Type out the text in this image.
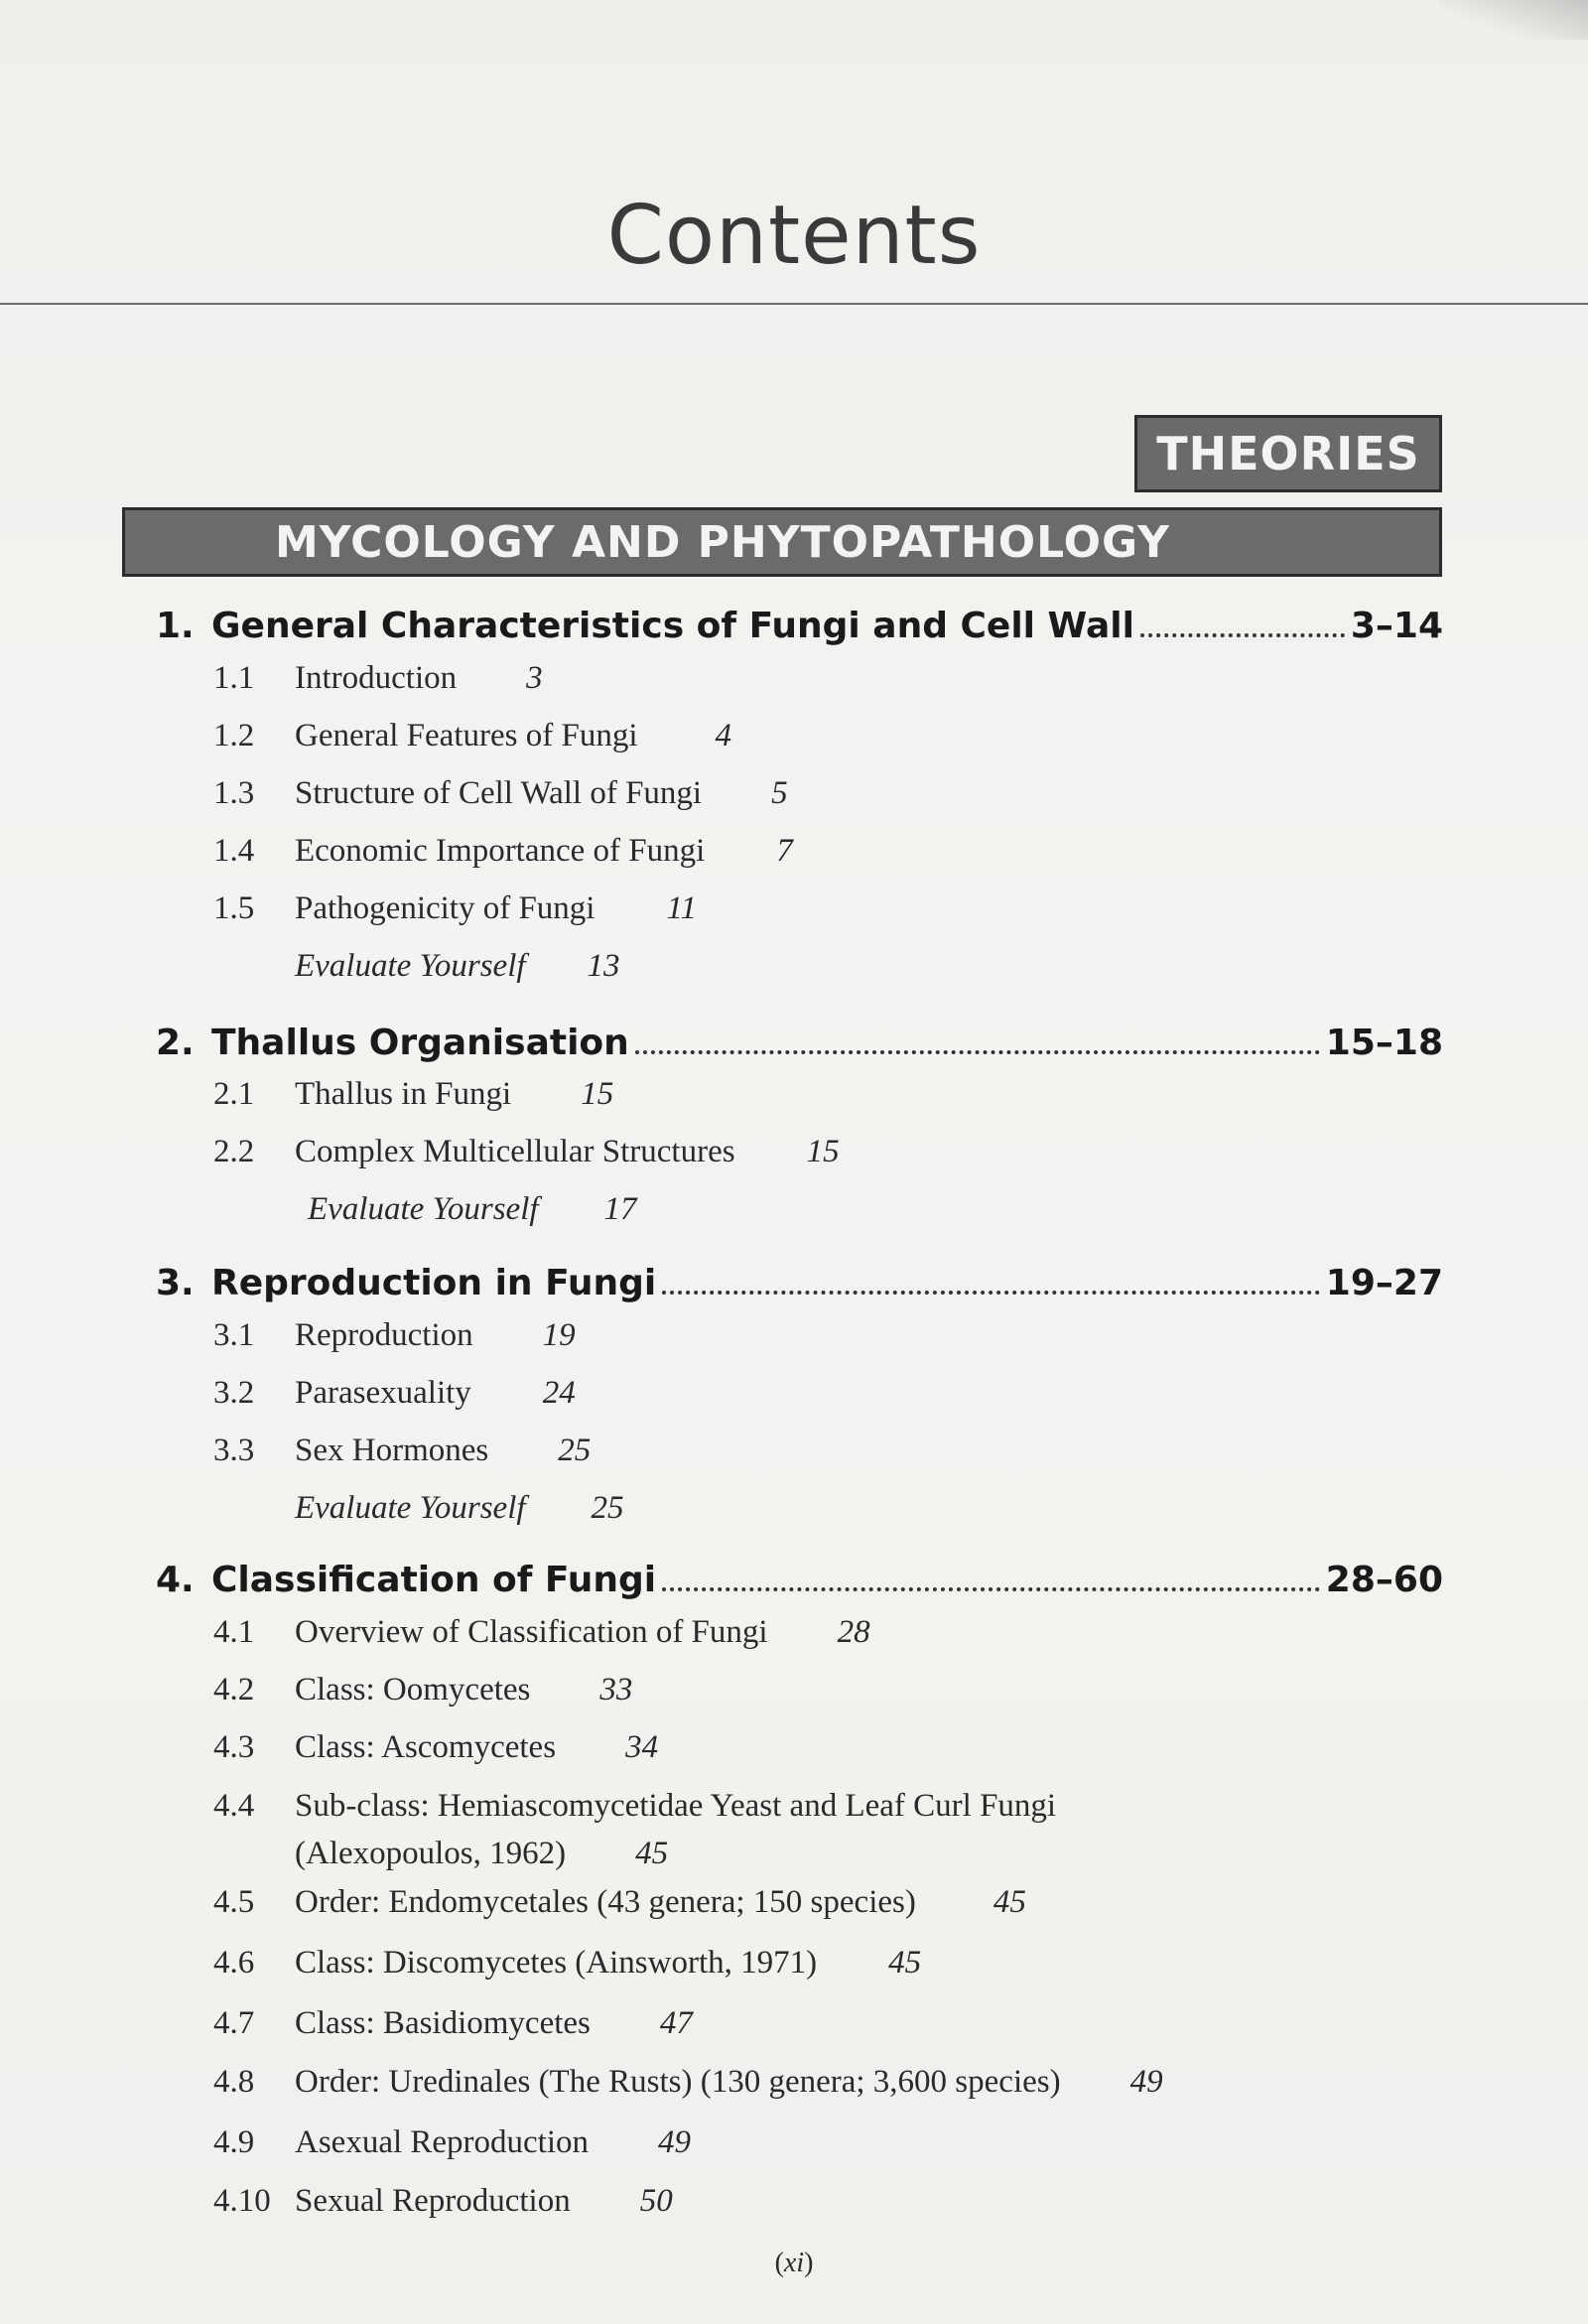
Contents
THEORIES
MYCOLOGY AND PHYTOPATHOLOGY
1. General Characteristics of Fungi and Cell Wall	3–14
1.1 Introduction 3
1.2 General Features of Fungi 4
1.3 Structure of Cell Wall of Fungi 5
1.4 Economic Importance of Fungi 7
1.5 Pathogenicity of Fungi 11
Evaluate Yourself 13
2. Thallus Organisation	15–18
2.1 Thallus in Fungi 15
2.2 Complex Multicellular Structures 15
Evaluate Yourself 17
3. Reproduction in Fungi	19–27
3.1 Reproduction 19
3.2 Parasexuality 24
3.3 Sex Hormones 25
Evaluate Yourself 25
4. Classification of Fungi	28–60
4.1 Overview of Classification of Fungi 28
4.2 Class: Oomycetes 33
4.3 Class: Ascomycetes 34
4.4 Sub-class: Hemiascomycetidae Yeast and Leaf Curl Fungi
(Alexopoulos, 1962) 45
4.5 Order: Endomycetales (43 genera; 150 species) 45
4.6 Class: Discomycetes (Ainsworth, 1971) 45
4.7 Class: Basidiomycetes 47
4.8 Order: Uredinales (The Rusts) (130 genera; 3,600 species) 49
4.9 Asexual Reproduction 49
4.10 Sexual Reproduction 50
(xi)
